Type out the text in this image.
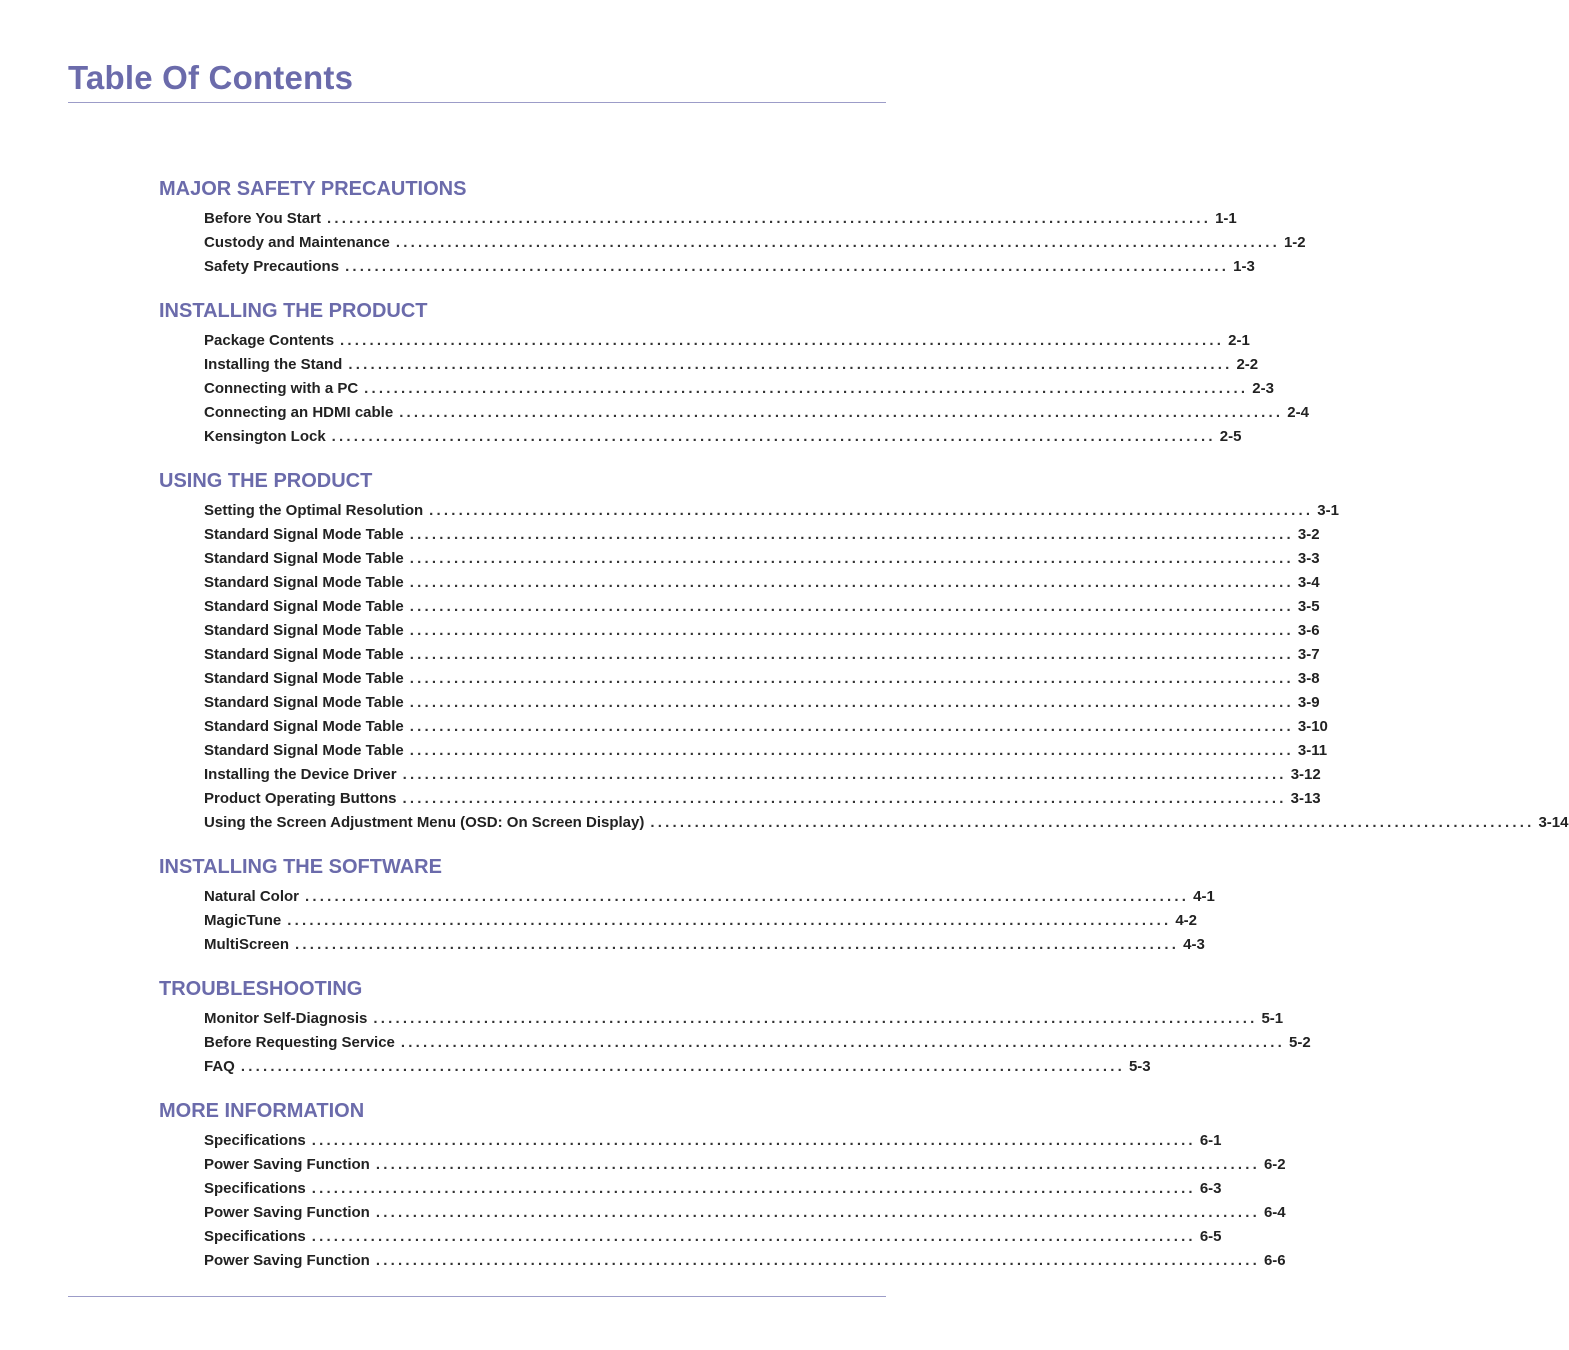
Table Of Contents
MAJOR SAFETY PRECAUTIONS
Before You Start ........................................................................................................................ 1-1
Custody and Maintenance ........................................................................................................................ 1-2
Safety Precautions ........................................................................................................................ 1-3
INSTALLING THE PRODUCT
Package Contents ........................................................................................................................ 2-1
Installing the Stand ........................................................................................................................ 2-2
Connecting with a PC ........................................................................................................................ 2-3
Connecting an HDMI cable ........................................................................................................................ 2-4
Kensington Lock ........................................................................................................................ 2-5
USING THE PRODUCT
Setting the Optimal Resolution ........................................................................................................................ 3-1
Standard Signal Mode Table ........................................................................................................................ 3-2
Standard Signal Mode Table ........................................................................................................................ 3-3
Standard Signal Mode Table ........................................................................................................................ 3-4
Standard Signal Mode Table ........................................................................................................................ 3-5
Standard Signal Mode Table ........................................................................................................................ 3-6
Standard Signal Mode Table ........................................................................................................................ 3-7
Standard Signal Mode Table ........................................................................................................................ 3-8
Standard Signal Mode Table ........................................................................................................................ 3-9
Standard Signal Mode Table ........................................................................................................................ 3-10
Standard Signal Mode Table ........................................................................................................................ 3-11
Installing the Device Driver ........................................................................................................................ 3-12
Product Operating Buttons ........................................................................................................................ 3-13
Using the Screen Adjustment Menu (OSD: On Screen Display) ........................................................................................................................ 3-14
INSTALLING THE SOFTWARE
Natural Color ........................................................................................................................ 4-1
MagicTune ........................................................................................................................ 4-2
MultiScreen ........................................................................................................................ 4-3
TROUBLESHOOTING
Monitor Self-Diagnosis ........................................................................................................................ 5-1
Before Requesting Service ........................................................................................................................ 5-2
FAQ ........................................................................................................................ 5-3
MORE INFORMATION
Specifications ........................................................................................................................ 6-1
Power Saving Function ........................................................................................................................ 6-2
Specifications ........................................................................................................................ 6-3
Power Saving Function ........................................................................................................................ 6-4
Specifications ........................................................................................................................ 6-5
Power Saving Function ........................................................................................................................ 6-6
